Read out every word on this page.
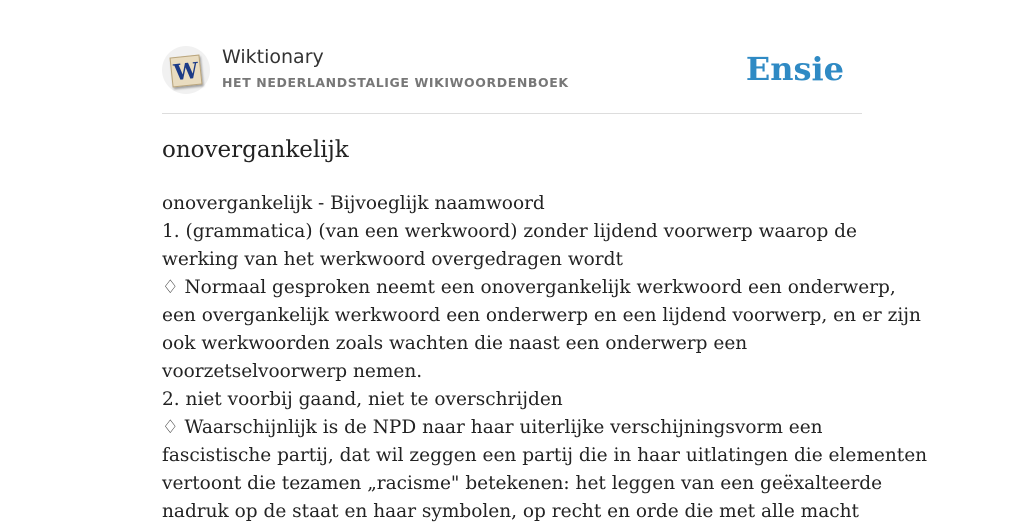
W
Wiktionary
HET NEDERLANDSTALIGE WIKIWOORDENBOEK	Ensie
onovergankelijk
onovergankelijk - Bijvoeglijk naamwoord
1. (grammatica) (van een werkwoord) zonder lijdend voorwerp waarop de
werking van het werkwoord overgedragen wordt
♢ Normaal gesproken neemt een onovergankelijk werkwoord een onderwerp,
een overgankelijk werkwoord een onderwerp en een lijdend voorwerp, en er zijn
ook werkwoorden zoals wachten die naast een onderwerp een
voorzetselvoorwerp nemen.
2. niet voorbij gaand, niet te overschrijden
♢ Waarschijnlijk is de NPD naar haar uiterlijke verschijningsvorm een
fascistische partij, dat wil zeggen een partij die in haar uitlatingen die elementen
vertoont die tezamen „racisme" betekenen: het leggen van een geëxalteerde
nadruk op de staat en haar symbolen, op recht en orde die met alle macht
